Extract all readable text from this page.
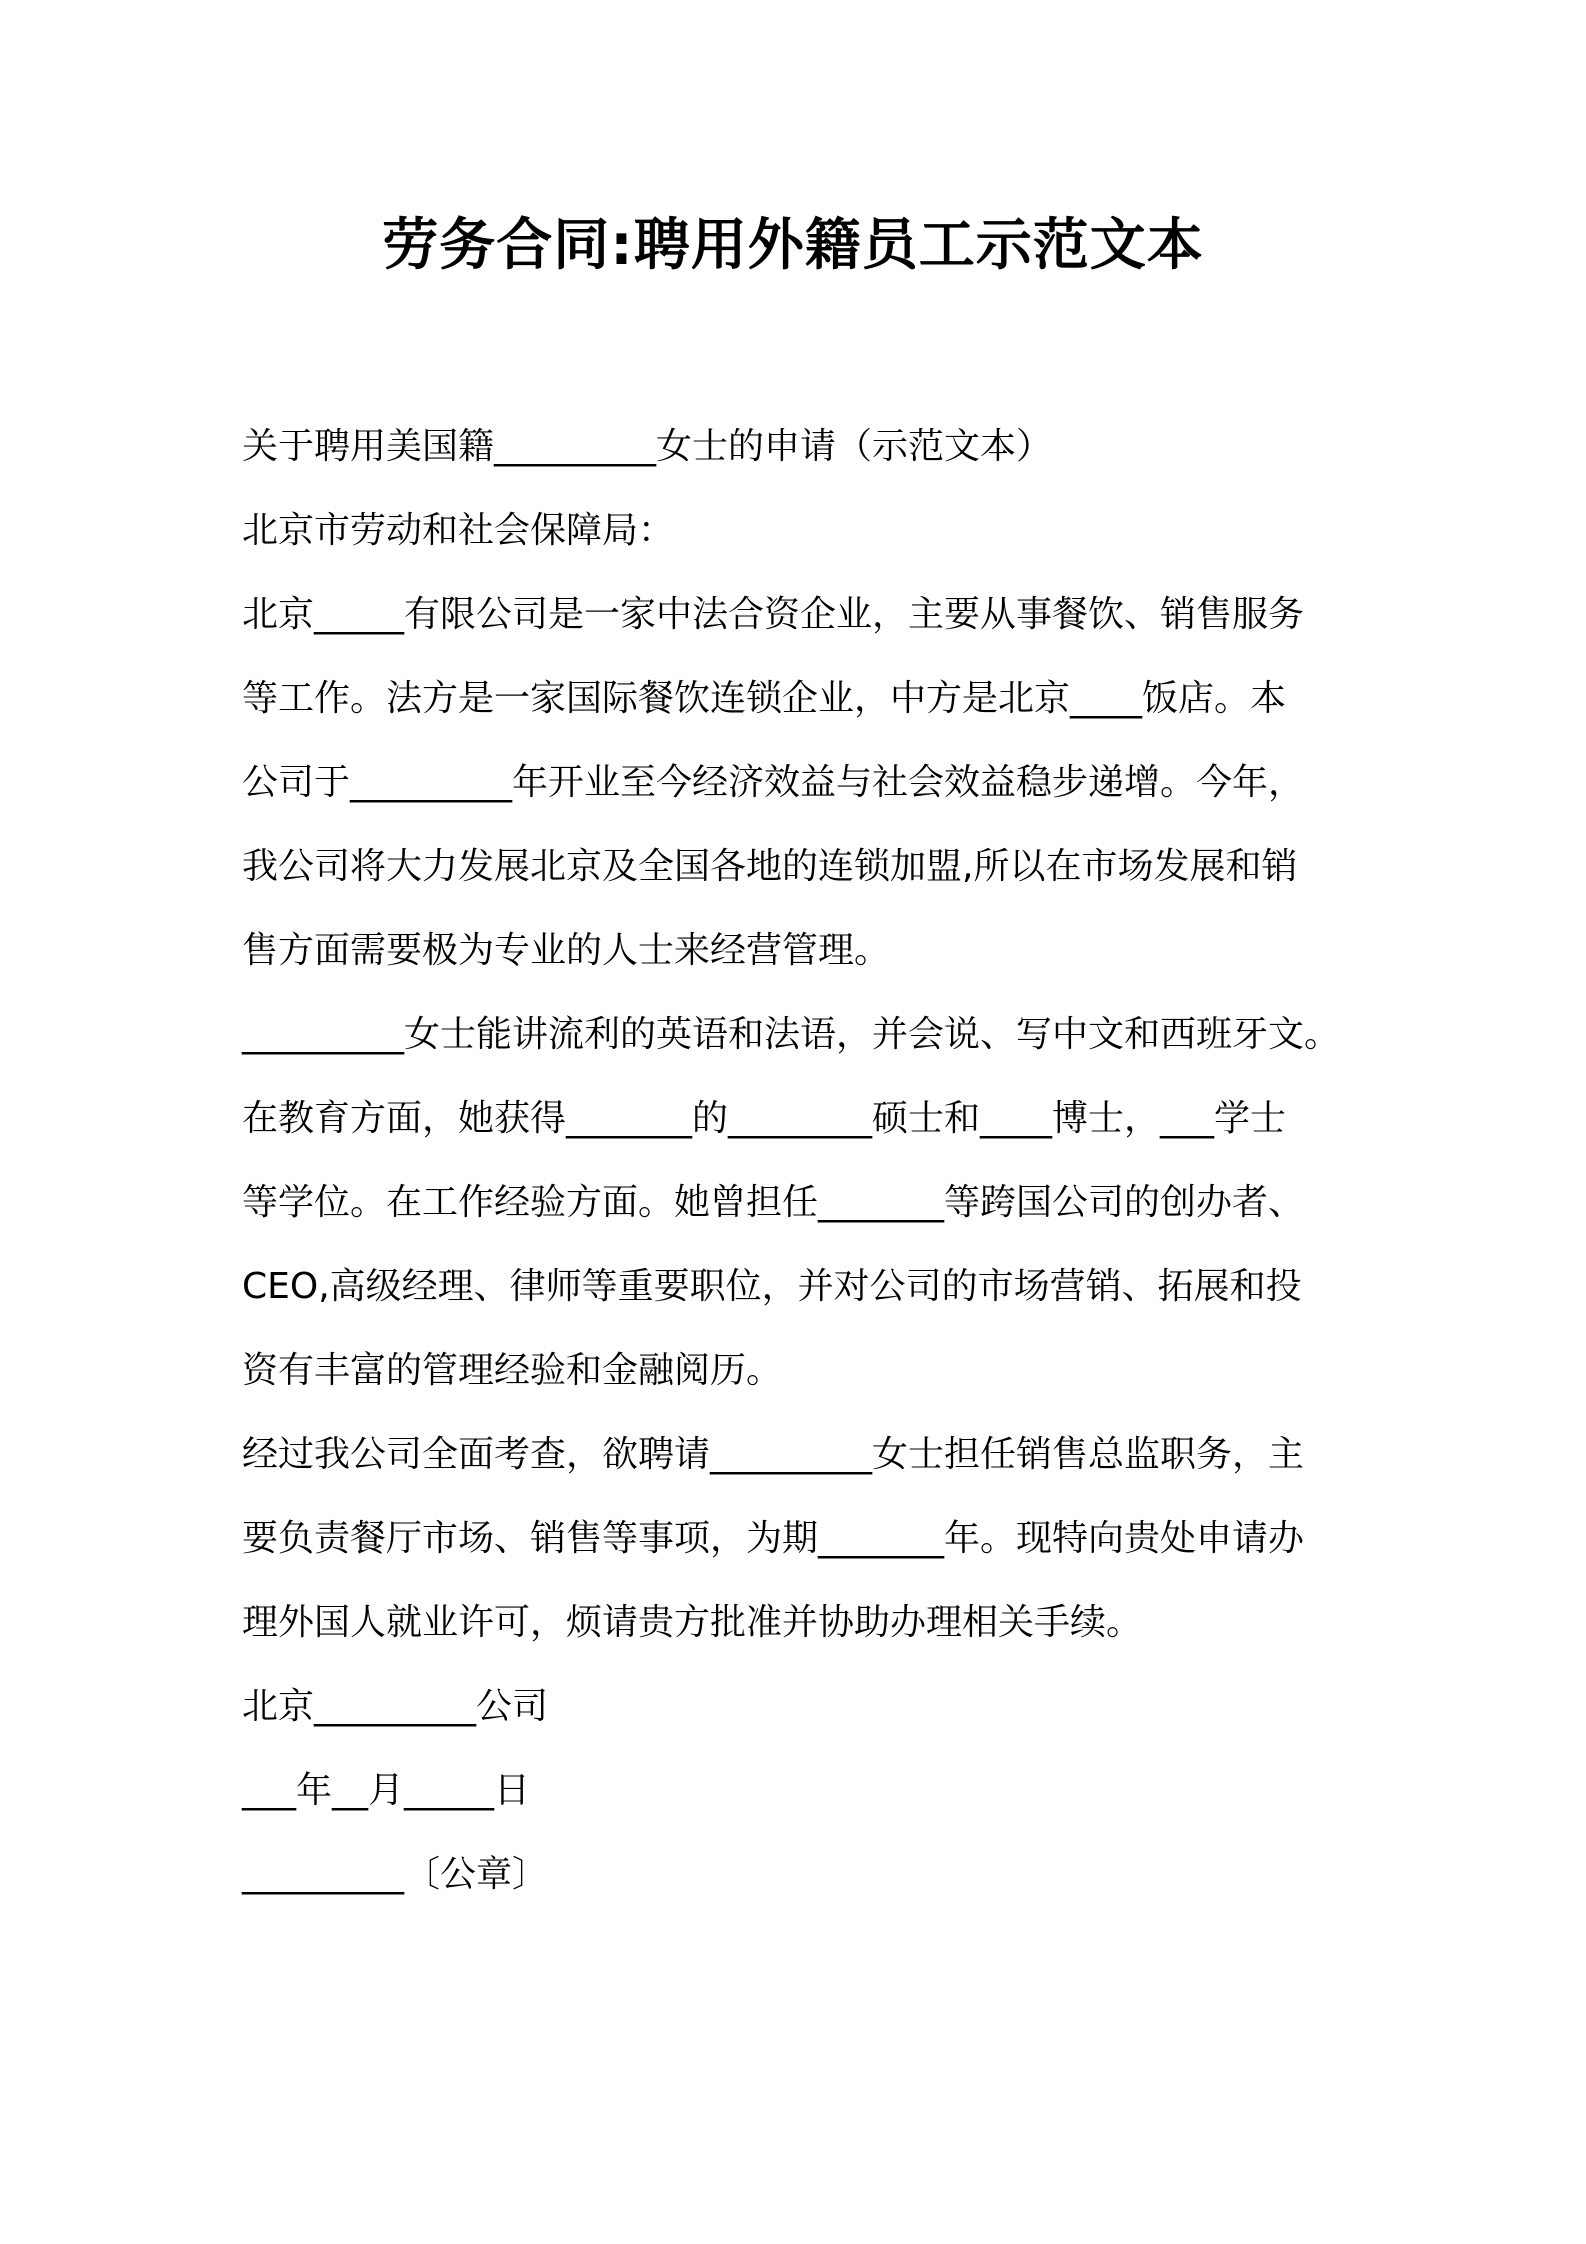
劳务合同:聘用外籍员工示范文本
关于聘用美国籍_________女士的申请（示范文本）
北京市劳动和社会保障局：
北京_____有限公司是一家中法合资企业，主要从事餐饮、销售服务
等工作。法方是一家国际餐饮连锁企业，中方是北京____饭店。本
公司于_________年开业至今经济效益与社会效益稳步递增。今年，
我公司将大力发展北京及全国各地的连锁加盟,所以在市场发展和销
售方面需要极为专业的人士来经营管理。
_________女士能讲流利的英语和法语，并会说、写中文和西班牙文。
在教育方面，她获得_______的________硕士和____博士，___学士
等学位。在工作经验方面。她曾担任_______等跨国公司的创办者、
CEO,高级经理、律师等重要职位，并对公司的市场营销、拓展和投
资有丰富的管理经验和金融阅历。
经过我公司全面考查，欲聘请_________女士担任销售总监职务，主
要负责餐厅市场、销售等事项，为期_______年。现特向贵处申请办
理外国人就业许可，烦请贵方批准并协助办理相关手续。
北京_________公司
___年__月_____日
_________〔公章〕
